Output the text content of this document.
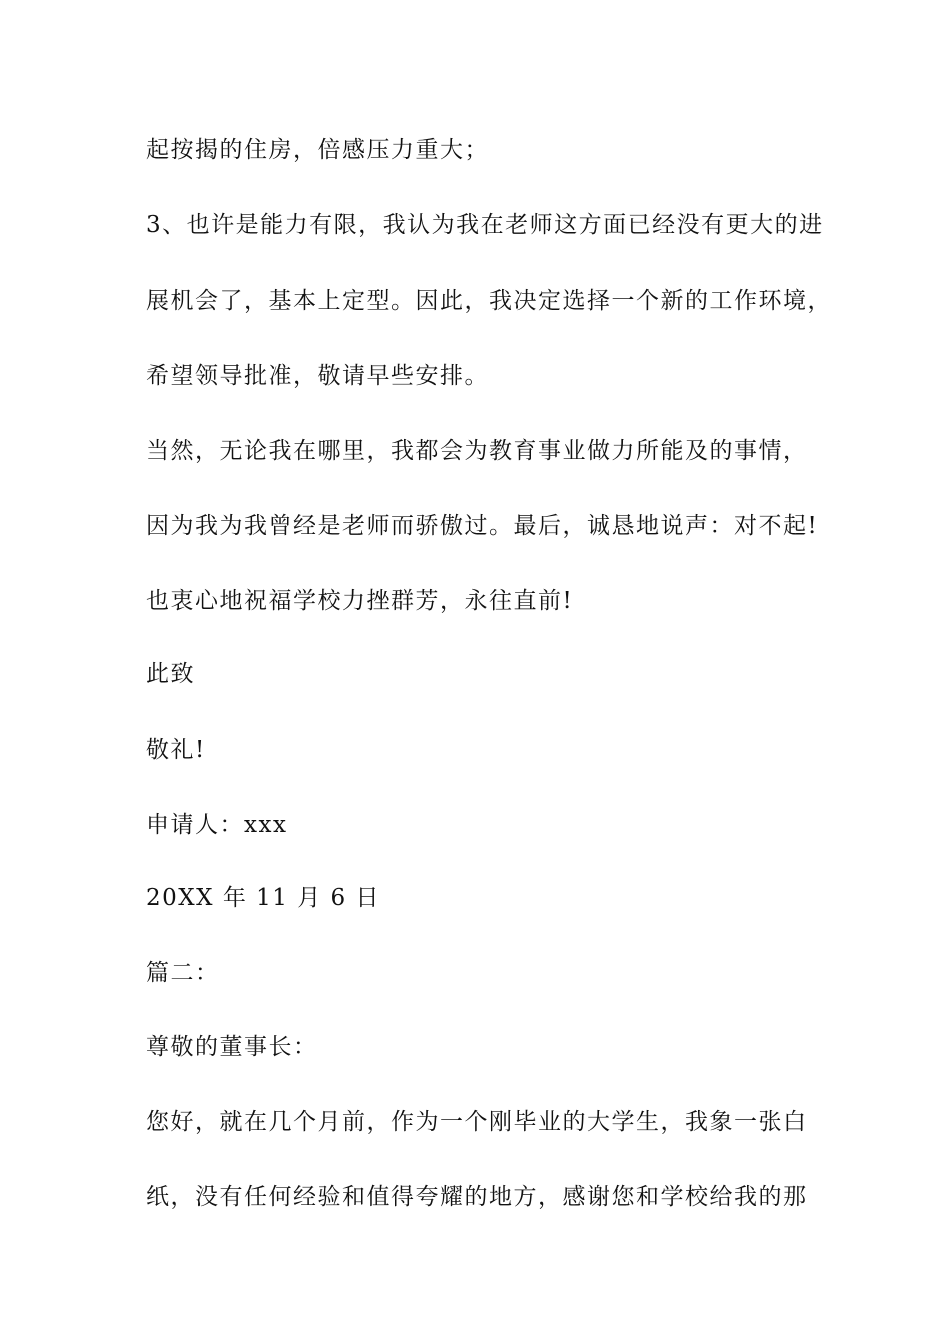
起按揭的住房，倍感压力重大；
3、也许是能力有限，我认为我在老师这方面已经没有更大的进
展机会了，基本上定型。因此，我决定选择一个新的工作环境，
希望领导批准，敬请早些安排。
当然，无论我在哪里，我都会为教育事业做力所能及的事情，
因为我为我曾经是老师而骄傲过。最后，诚恳地说声：对不起!
也衷心地祝福学校力挫群芳，永往直前!
此致
敬礼!
申请人：xxx
20XX 年 11 月 6 日
篇二：
尊敬的董事长：
您好，就在几个月前，作为一个刚毕业的大学生，我象一张白
纸，没有任何经验和值得夸耀的地方，感谢您和学校给我的那
